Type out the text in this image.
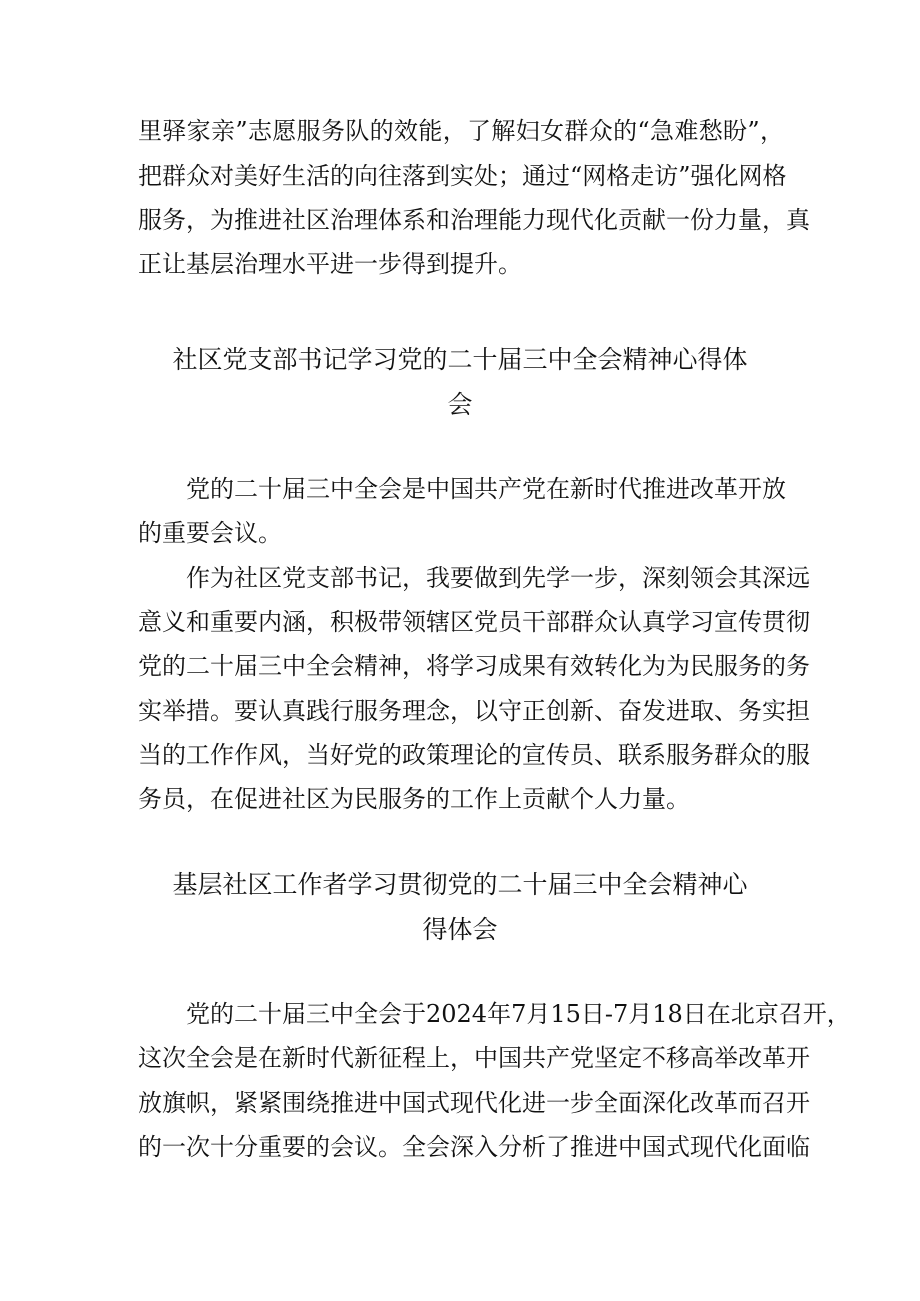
里驿家亲”志愿服务队的效能，了解妇女群众的“急难愁盼”，
把群众对美好生活的向往落到实处；通过“网格走访”强化网格
服务，为推进社区治理体系和治理能力现代化贡献一份力量，真
正让基层治理水平进一步得到提升。
社区党支部书记学习党的二十届三中全会精神心得体
会
党的二十届三中全会是中国共产党在新时代推进改革开放
的重要会议。
作为社区党支部书记，我要做到先学一步，深刻领会其深远
意义和重要内涵，积极带领辖区党员干部群众认真学习宣传贯彻
党的二十届三中全会精神，将学习成果有效转化为为民服务的务
实举措。要认真践行服务理念，以守正创新、奋发进取、务实担
当的工作作风，当好党的政策理论的宣传员、联系服务群众的服
务员，在促进社区为民服务的工作上贡献个人力量。
基层社区工作者学习贯彻党的二十届三中全会精神心
得体会
党的二十届三中全会于2024年7月15日-7月18日在北京召开，
这次全会是在新时代新征程上，中国共产党坚定不移高举改革开
放旗帜，紧紧围绕推进中国式现代化进一步全面深化改革而召开
的一次十分重要的会议。全会深入分析了推进中国式现代化面临
